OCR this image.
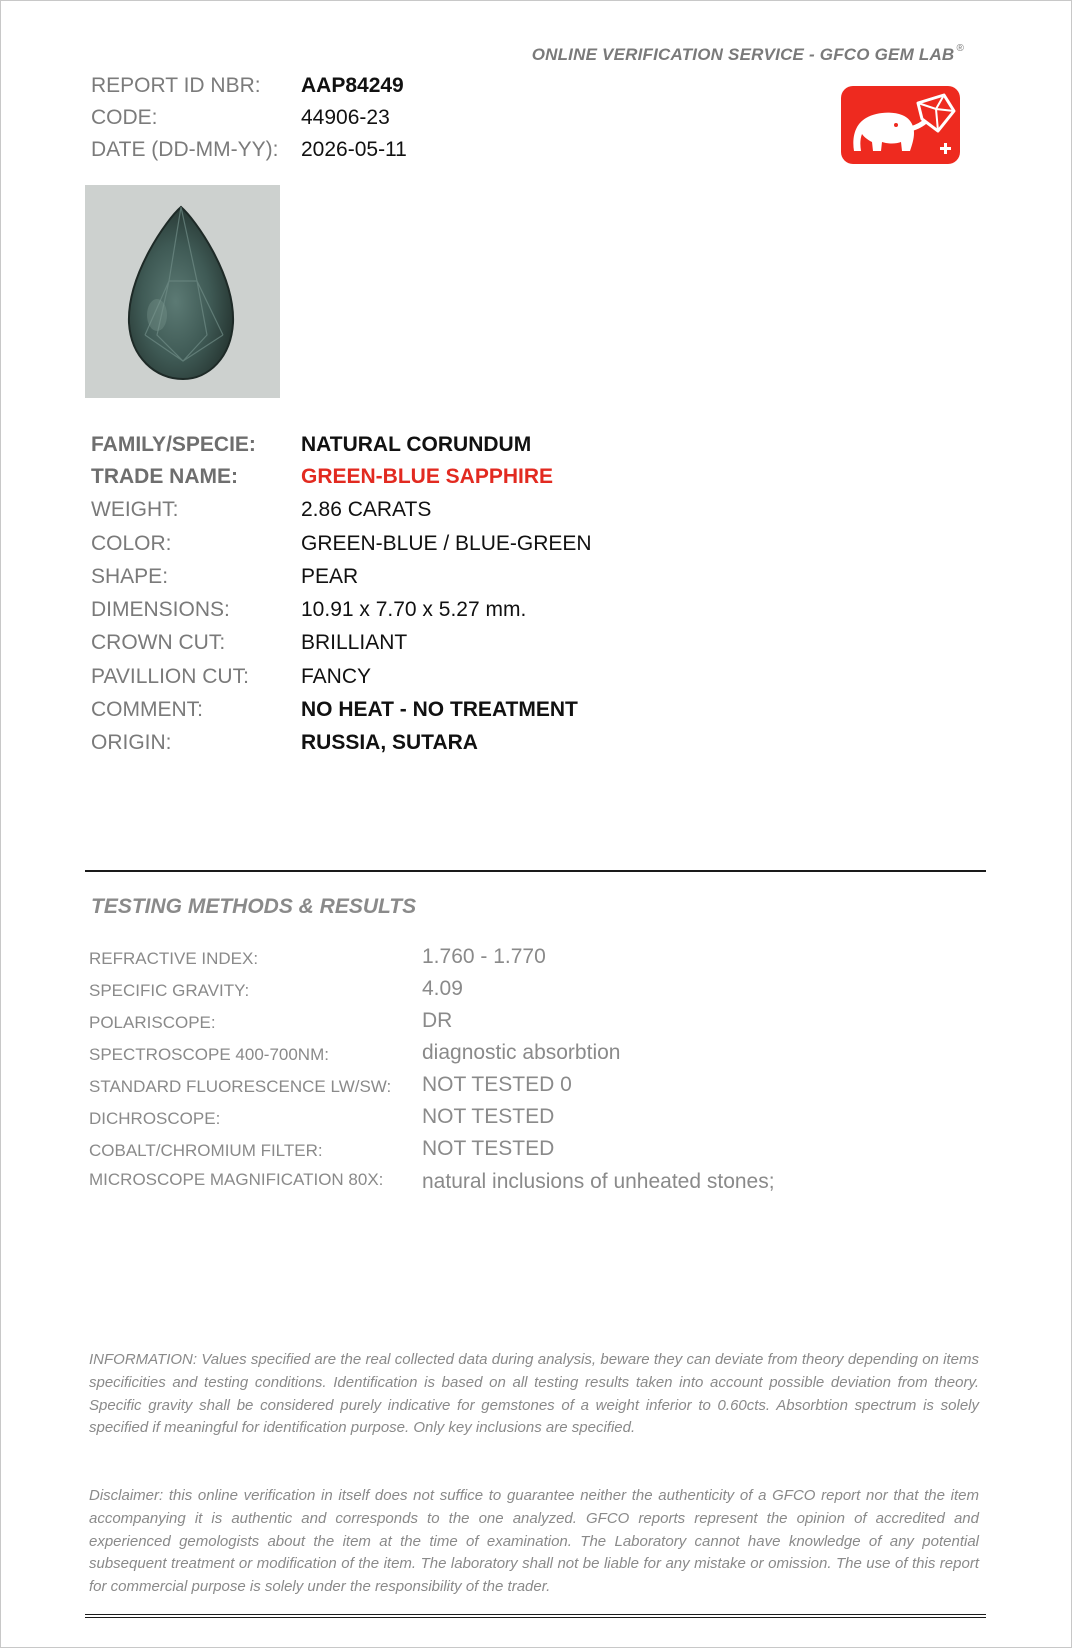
ONLINE VERIFICATION SERVICE - GFCO GEM LAB ®
REPORT ID NBR: AAP84249
CODE:	44906-23
DATE (DD-MM-YY): 2026-05-11
FAMILY/SPECIE: NATURAL CORUNDUM
TRADE NAME:	GREEN-BLUE SAPPHIRE
WEIGHT:	2.86 CARATS
COLOR:	GREEN-BLUE / BLUE-GREEN
SHAPE:	PEAR
DIMENSIONS:	10.91 x 7.70 x 5.27 mm.
CROWN CUT:	BRILLIANT
PAVILLION CUT: FANCY
COMMENT:	NO HEAT - NO TREATMENT
ORIGIN:	RUSSIA, SUTARA
TESTING METHODS & RESULTS
REFRACTIVE INDEX:	1.760 - 1.770
SPECIFIC GRAVITY:	4.09
POLARISCOPE:	DR
SPECTROSCOPE 400-700NM:	diagnostic absorbtion
STANDARD FLUORESCENCE LW/SW: NOT TESTED 0
DICHROSCOPE:	NOT TESTED
COBALT/CHROMIUM FILTER:	NOT TESTED
MICROSCOPE MAGNIFICATION 80X: natural inclusions of unheated stones;
INFORMATION: Values specified are the real collected data during analysis, beware they can deviate from theory depending on items specificities and testing conditions. Identification is based on all testing results taken into account possible deviation from theory. Specific gravity shall be considered purely indicative for gemstones of a weight inferior to 0.60cts. Absorbtion spectrum is solely specified if meaningful for identification purpose. Only key inclusions are specified.
Disclaimer: this online verification in itself does not suffice to guarantee neither the authenticity of a GFCO report nor that the item accompanying it is authentic and corresponds to the one analyzed. GFCO reports represent the opinion of accredited and experienced gemologists about the item at the time of examination. The Laboratory cannot have knowledge of any potential subsequent treatment or modification of the item. The laboratory shall not be liable for any mistake or omission. The use of this report for commercial purpose is solely under the responsibility of the trader.
